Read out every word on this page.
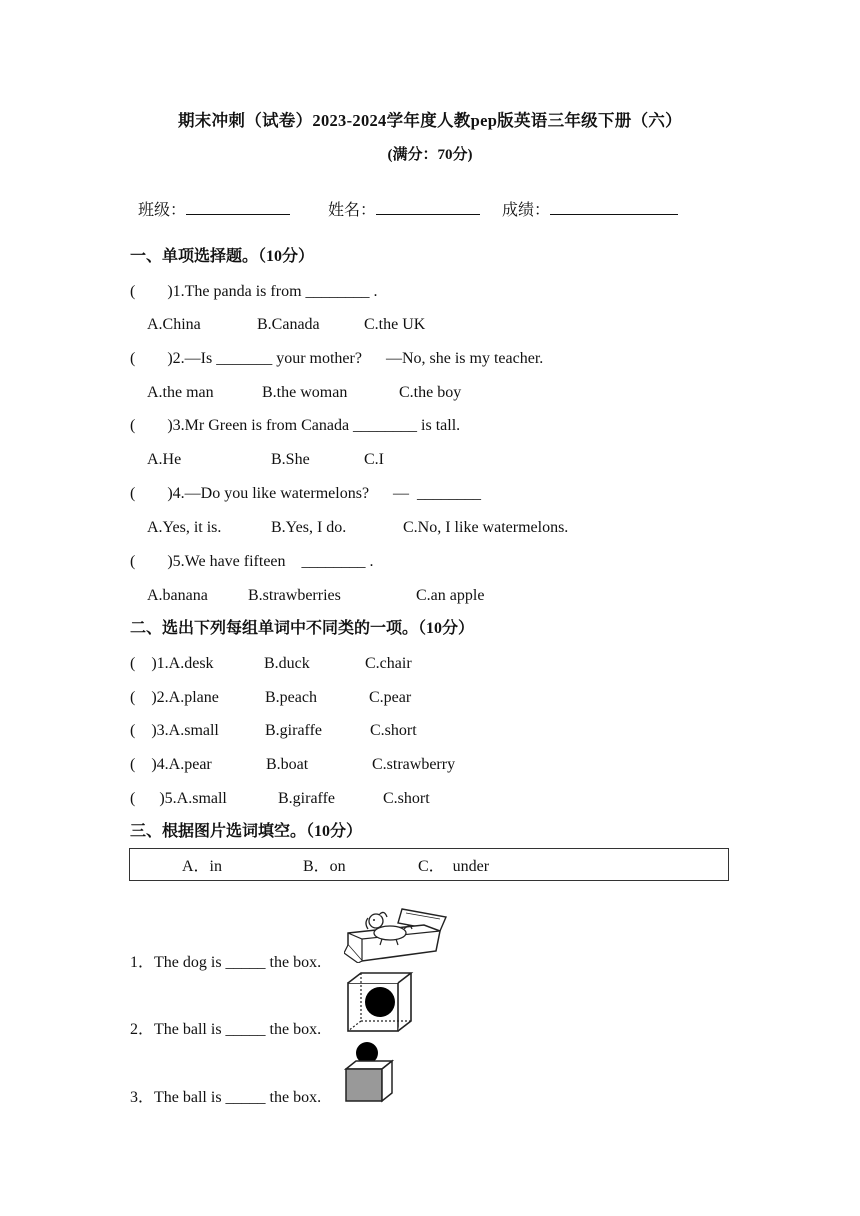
期末冲刺（试卷）2023-2024学年度人教pep版英语三年级下册（六）
(满分：70分)

班级：	姓名：	成绩：

一、单项选择题。（10分）
(        )1.The panda is from ________ .
A.China	B.Canada	C.the UK
(        )2.—Is _______ your mother?      —No, she is my teacher.
A.the man	B.the woman	C.the boy
(        )3.Mr Green is from Canada ________ is tall.
A.He	B.She	C.I
(        )4.—Do you like watermelons?      —  ________
A.Yes, it is.	B.Yes, I do.	C.No, I like watermelons.
(        )5.We have fifteen    ________ .
A.banana	B.strawberries	C.an apple
二、选出下列每组单词中不同类的一项。（10分）
(    )1.A.desk	B.duck	C.chair
(    )2.A.plane	B.peach	C.pear
(    )3.A.small	B.giraffe	C.short
(    )4.A.pear	B.boat	C.strawberry
(      )5.A.small	B.giraffe	C.short
三、根据图片选词填空。（10分）
A．in	B．on	C．  under
1．The dog is _____ the box.
2．The ball is _____ the box.
3．The ball is _____ the box.
